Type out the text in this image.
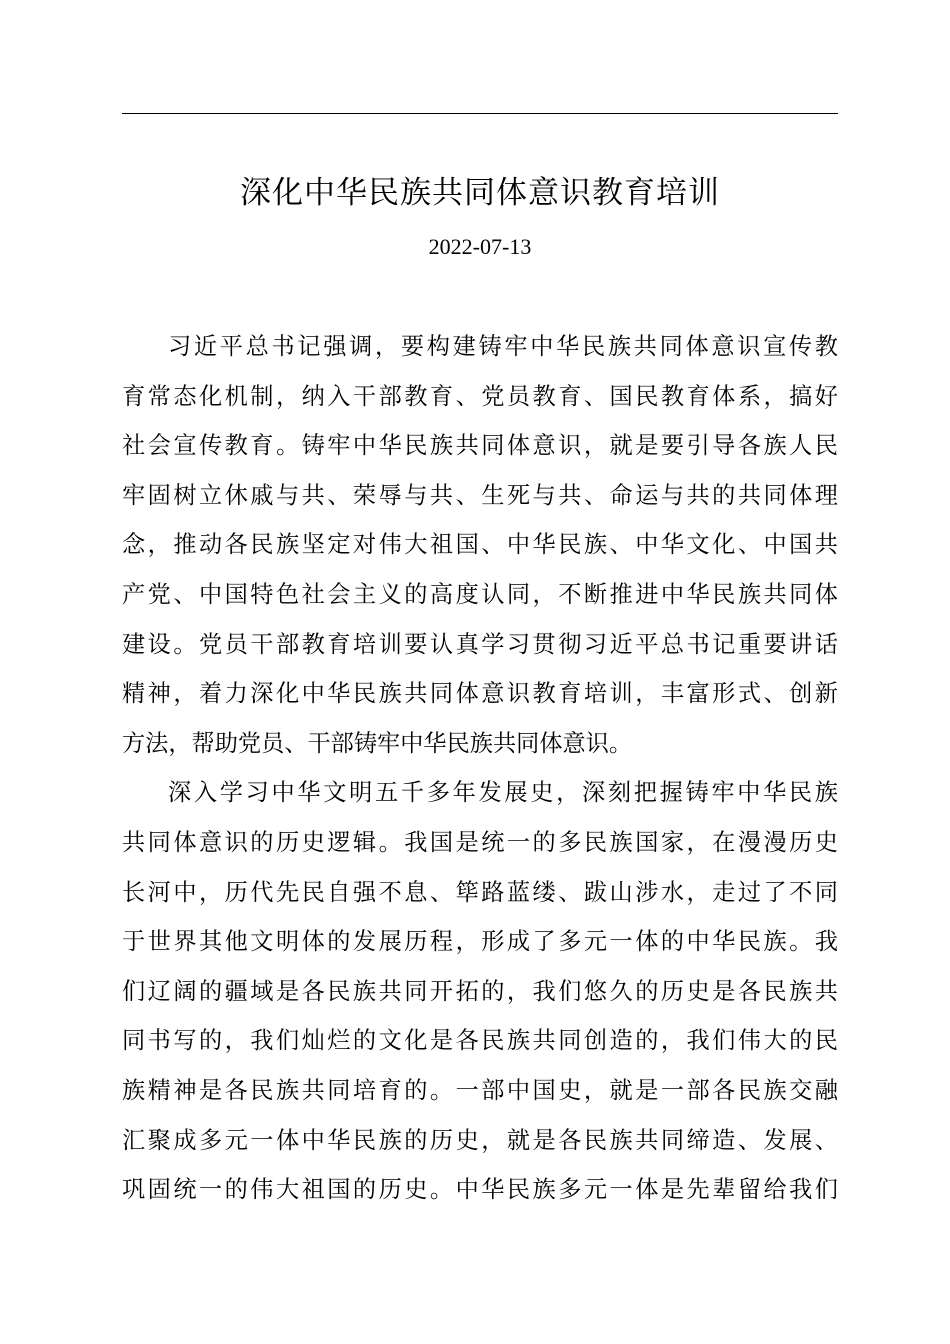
深化中华民族共同体意识教育培训
2022-07-13

习近平总书记强调，要构建铸牢中华民族共同体意识宣传教
育常态化机制，纳入干部教育、党员教育、国民教育体系，搞好
社会宣传教育。铸牢中华民族共同体意识，就是要引导各族人民
牢固树立休戚与共、荣辱与共、生死与共、命运与共的共同体理
念，推动各民族坚定对伟大祖国、中华民族、中华文化、中国共
产党、中国特色社会主义的高度认同，不断推进中华民族共同体
建设。党员干部教育培训要认真学习贯彻习近平总书记重要讲话
精神，着力深化中华民族共同体意识教育培训，丰富形式、创新
方法，帮助党员、干部铸牢中华民族共同体意识。

深入学习中华文明五千多年发展史，深刻把握铸牢中华民族
共同体意识的历史逻辑。我国是统一的多民族国家，在漫漫历史
长河中，历代先民自强不息、筚路蓝缕、跋山涉水，走过了不同
于世界其他文明体的发展历程，形成了多元一体的中华民族。我
们辽阔的疆域是各民族共同开拓的，我们悠久的历史是各民族共
同书写的，我们灿烂的文化是各民族共同创造的，我们伟大的民
族精神是各民族共同培育的。一部中国史，就是一部各民族交融
汇聚成多元一体中华民族的历史，就是各民族共同缔造、发展、
巩固统一的伟大祖国的历史。中华民族多元一体是先辈留给我们
